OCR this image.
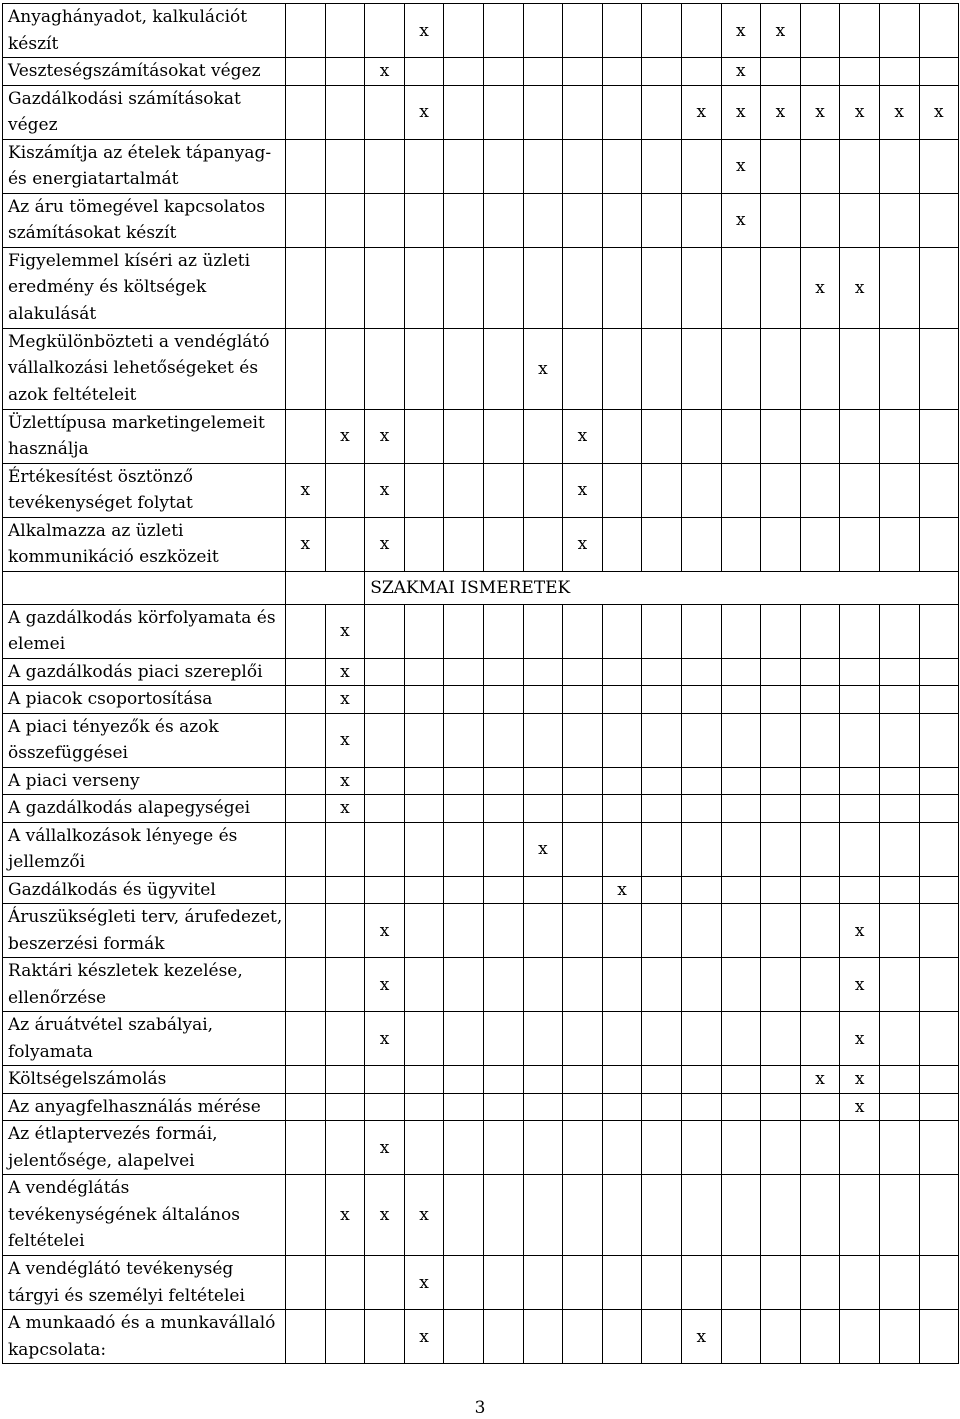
Anyaghányadot, kalkulációt készít				x								x	x				
Veszteségszámításokat végez			x									x					
Gazdálkodási számításokat végez				x							x	x	x	x	x	x	x
Kiszámítja az ételek tápanyag- és energiatartalmát												x					
Az áru tömegével kapcsolatos számításokat készít												x					
Figyelemmel kíséri az üzleti eredmény és költségek alakulását														x	x		
Megkülönbözteti a vendéglátó vállalkozási lehetőségeket és azok feltételeit							x										
Üzlettípusa marketingelemeit használja		x	x					x									
Értékesítést ösztönző tevékenységet folytat	x		x					x									
Alkalmazza az üzleti kommunikáció eszközeit	x		x					x									
			SZAKMAI ISMERETEK														
A gazdálkodás körfolyamata és elemei		x															
A gazdálkodás piaci szereplői		x															
A piacok csoportosítása		x															
A piaci tényezők és azok összefüggései		x															
A piaci verseny		x															
A gazdálkodás alapegységei		x															
A vállalkozások lényege és jellemzői							x										
Gazdálkodás és ügyvitel									x								
Áruszükségleti terv, árufedezet, beszerzési formák			x												x		
Raktári készletek kezelése, ellenőrzése			x												x		
Az áruátvétel szabályai, folyamata			x												x		
Költségelszámolás														x	x		
Az anyagfelhasználás mérése															x		
Az étlaptervezés formái, jelentősége, alapelvei			x														
A vendéglátás tevékenységének általános feltételei		x	x	x													
A vendéglátó tevékenység tárgyi és személyi feltételei				x													
A munkaadó és a munkavállaló kapcsolata:				x							x						
3
